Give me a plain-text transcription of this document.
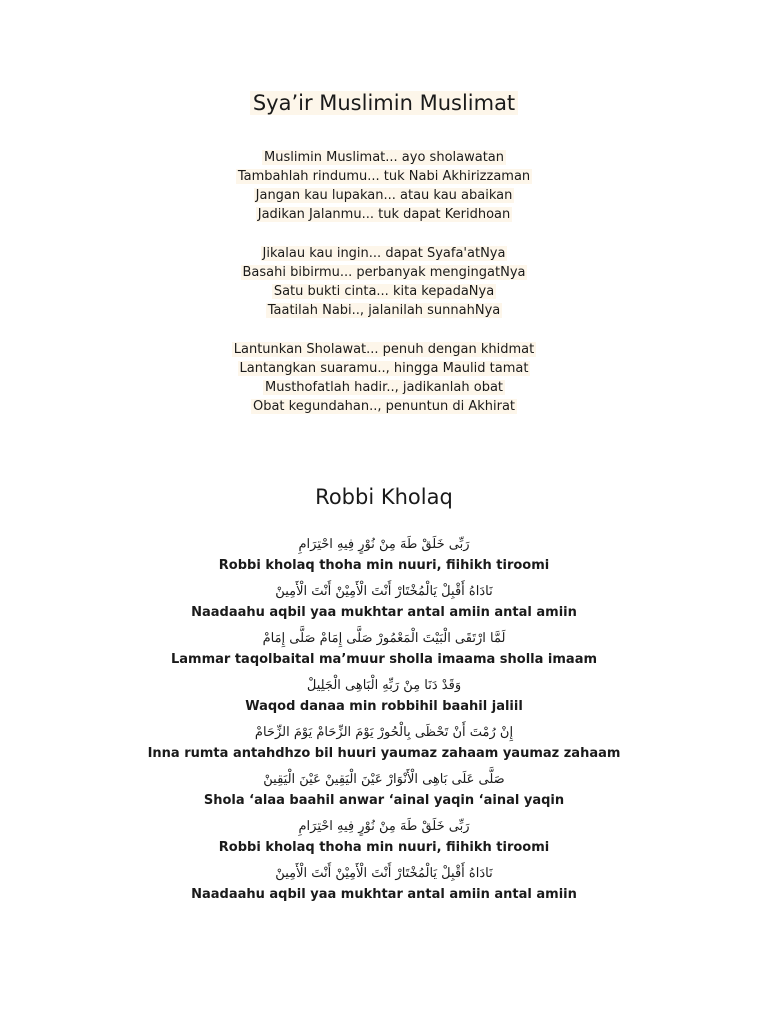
Sya’ir Muslimin Muslimat
Muslimin Muslimat... ayo sholawatan
Tambahlah rindumu... tuk Nabi Akhirizzaman
Jangan kau lupakan... atau kau abaikan
Jadikan Jalanmu... tuk dapat Keridhoan
Jikalau kau ingin... dapat Syafa'atNya
Basahi bibirmu... perbanyak mengingatNya
Satu bukti cinta... kita kepadaNya
Taatilah Nabi.., jalanilah sunnahNya
Lantunkan Sholawat... penuh dengan khidmat
Lantangkan suaramu.., hingga Maulid tamat
Musthofatlah hadir.., jadikanlah obat
Obat kegundahan.., penuntun di Akhirat
Robbi Kholaq
رَبِّى خَلَقْ طَهَ مِنْ نُوْرٍ فِيهِ احْتِرَامِ
Robbi kholaq thoha min nuuri, fiihikh tiroomi
نَادَاهُ أَقْبِلْ يَالْمُخْتَارْ أَنْتَ الْأَمِيْنْ أَنْتَ الْأَمِينْ
Naadaahu aqbil yaa mukhtar antal amiin antal amiin
لَمَّا ارْتَقَى الْبَيْتَ الْمَعْمُورْ صَلَّى إِمَامْ صَلَّى إِمَامْ
Lammar taqolbaital ma’muur sholla imaama sholla imaam
وَقَدْ دَنَا مِنْ رَبِّهِ الْبَاهِى الْجَلِيلْ
Waqod danaa min robbihil baahil jaliil
إِنْ رُمْتَ أَنْ تَحْظَى بِالْحُورْ يَوْمَ الزِّحَامْ يَوْمَ الزِّحَامْ
Inna rumta antahdhzo bil huuri yaumaz zahaam yaumaz zahaam
صَلَّى عَلَى بَاهِى الْأَنْوَارْ عَيْنَ الْيَقِينْ عَيْنَ الْيَقِينْ
Shola ‘alaa baahil anwar ‘ainal yaqin ‘ainal yaqin
رَبِّى خَلَقْ طَهَ مِنْ نُوْرٍ فِيهِ احْتِرَامِ
Robbi kholaq thoha min nuuri, fiihikh tiroomi
نَادَاهُ أَقْبِلْ يَالْمُخْتَارْ أَنْتَ الْأَمِيْنْ أَنْتَ الْأَمِينْ
Naadaahu aqbil yaa mukhtar antal amiin antal amiin
